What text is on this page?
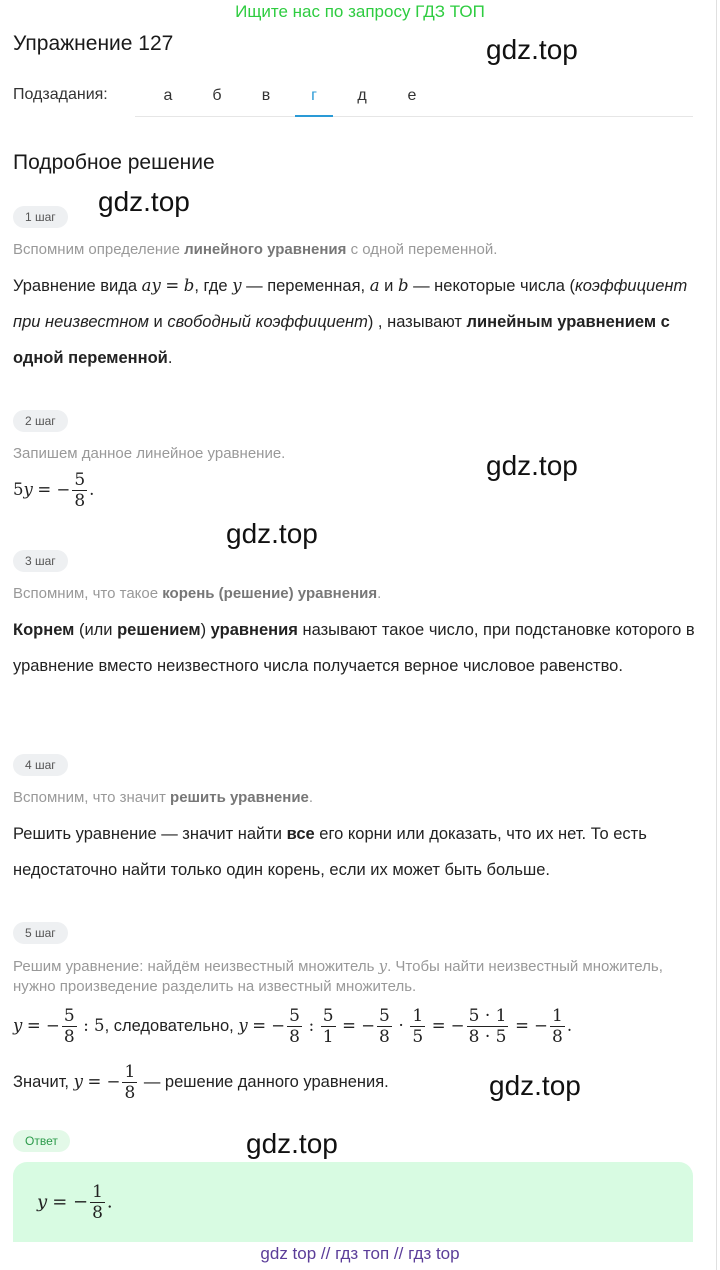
Ищите нас по запросу ГДЗ ТОП
Упражнение 127	gdz.top
Подзадания:	а	б	в	г	д	е
Подробное решение
gdz.top
1 шаг
Вспомним определение линейного уравнения с одной переменной.
Уравнение вида ay = b, где y — переменная, a и b — некоторые числа (коэффициент при неизвестном и свободный коэффициент) , называют линейным уравнением с одной переменной.
2 шаг
Запишем данное линейное уравнение.	gdz.top
5y = − $\frac{5}{8}$ .
gdz.top
3 шаг
Вспомним, что такое корень (решение) уравнения.
Корнем (или решением) уравнения называют такое число, при подстановке которого в уравнение вместо неизвестного числа получается верное числовое равенство.
4 шаг
Вспомним, что значит решить уравнение.
Решить уравнение — значит найти все его корни или доказать, что их нет. То есть недостаточно найти только один корень, если их может быть больше.
5 шаг
Решим уравнение: найдём неизвестный множитель y. Чтобы найти неизвестный множитель, нужно произведение разделить на известный множитель.
y = − $\frac{5}{8}$ : 5, следовательно, y = − $\frac{5}{8}$ : $\frac{5}{1}$ = − $\frac{5}{8} \cdot \frac{1}{5}$ = − $\frac{5 \cdot 1}{8 \cdot 5}$ = − $\frac{1}{8}$ .
Значит, y = − $\frac{1}{8}$ — решение данного уравнения.	gdz.top
Ответ	gdz.top
y = − $\frac{1}{8}$ .
gdz top // гдз топ // гдз top
